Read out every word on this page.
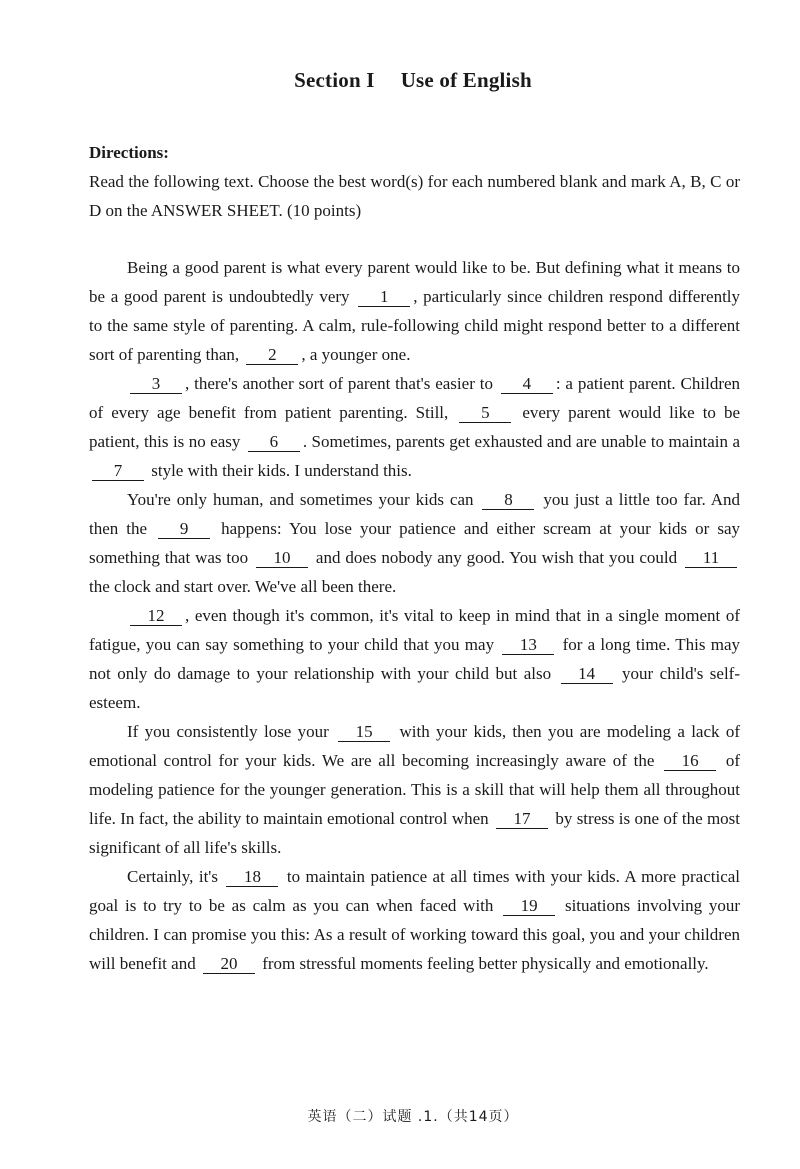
Section I Use of English
Directions:
Read the following text. Choose the best word(s) for each numbered blank and mark A, B, C or D on the ANSWER SHEET. (10 points)

Being a good parent is what every parent would like to be. But defining what it means to be a good parent is undoubtedly very 1 , particularly since children respond differently to the same style of parenting. A calm, rule-following child might respond better to a different sort of parenting than, 2 , a younger one.

3 , there's another sort of parent that's easier to 4 : a patient parent. Children of every age benefit from patient parenting. Still, 5 every parent would like to be patient, this is no easy 6 . Sometimes, parents get exhausted and are unable to maintain a 7 style with their kids. I understand this.

You're only human, and sometimes your kids can 8 you just a little too far. And then the 9 happens: You lose your patience and either scream at your kids or say something that was too 10 and does nobody any good. You wish that you could 11 the clock and start over. We've all been there.

12 , even though it's common, it's vital to keep in mind that in a single moment of fatigue, you can say something to your child that you may 13 for a long time. This may not only do damage to your relationship with your child but also 14 your child's self-esteem.

If you consistently lose your 15 with your kids, then you are modeling a lack of emotional control for your kids. We are all becoming increasingly aware of the 16 of modeling patience for the younger generation. This is a skill that will help them all throughout life. In fact, the ability to maintain emotional control when 17 by stress is one of the most significant of all life's skills.

Certainly, it's 18 to maintain patience at all times with your kids. A more practical goal is to try to be as calm as you can when faced with 19 situations involving your children. I can promise you this: As a result of working toward this goal, you and your children will benefit and 20 from stressful moments feeling better physically and emotionally.

英语（二）试题 .1.（共14页）
